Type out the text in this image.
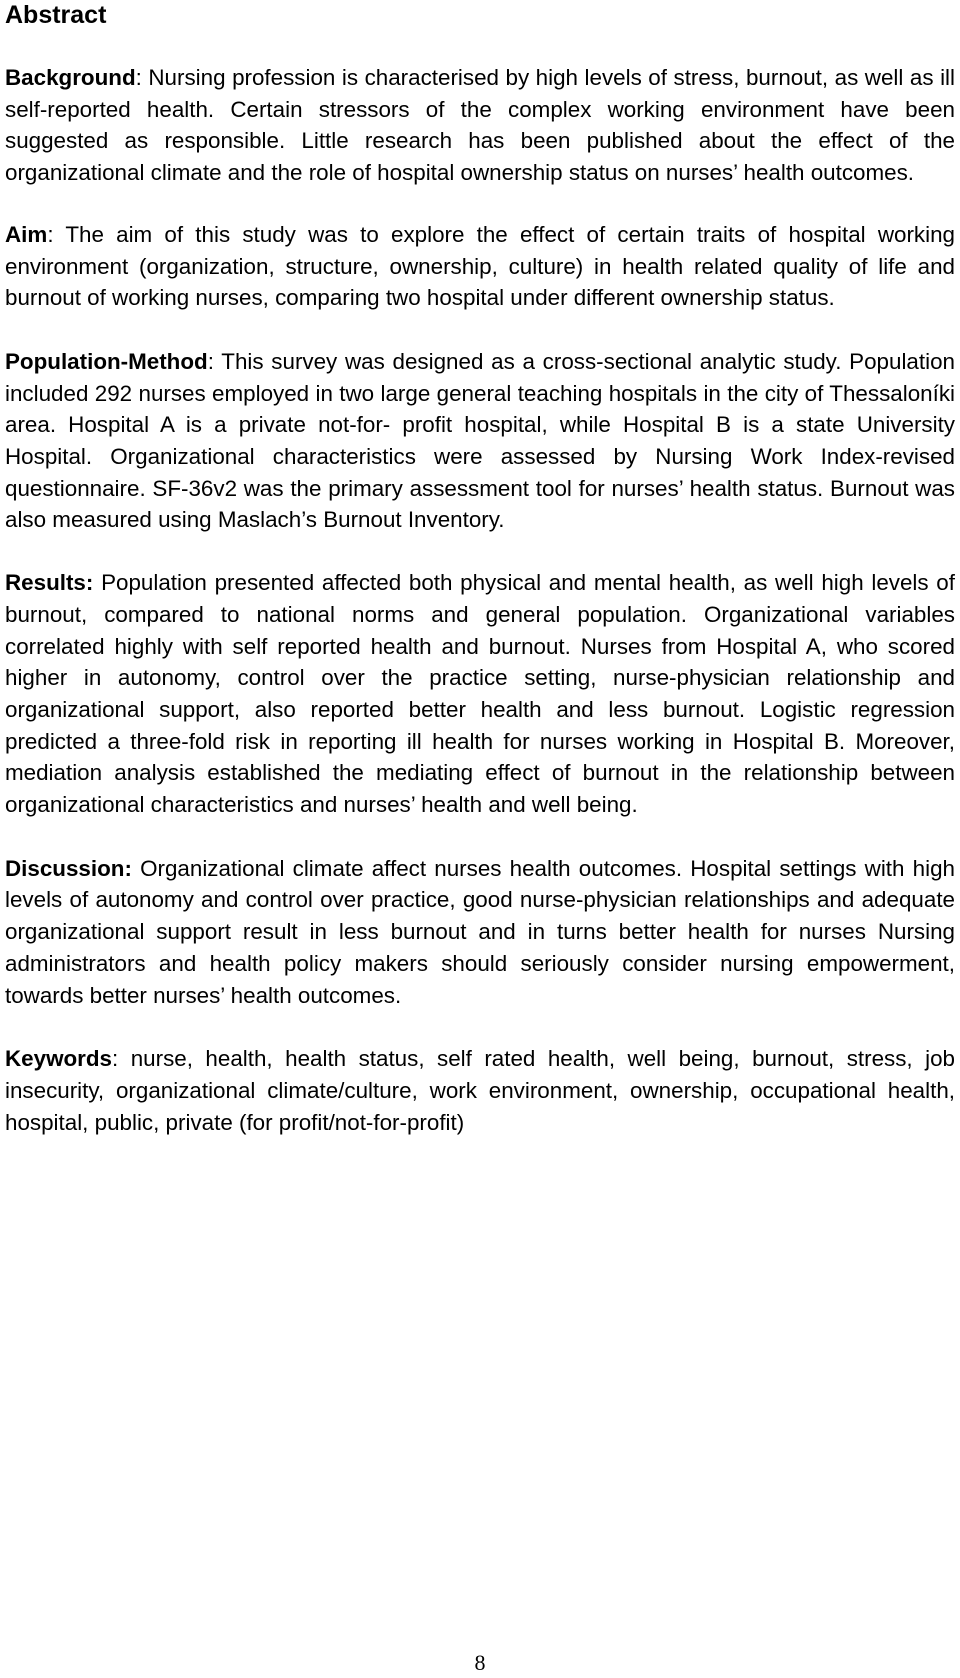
Abstract

Background: Nursing profession is characterised by high levels of stress, burnout, as well as ill self-reported health. Certain stressors of the complex working environment have been suggested as responsible. Little research has been published about the effect of the organizational climate and the role of hospital ownership status on nurses’ health outcomes.

Aim: The aim of this study was to explore the effect of certain traits of hospital working environment (organization, structure, ownership, culture) in health related quality of life and burnout of working nurses, comparing two hospital under different ownership status.

Population-Method: This survey was designed as a cross-sectional analytic study. Population included 292 nurses employed in two large general teaching hospitals in the city of Thessaloníki area. Hospital A is a private not-for- profit hospital, while Hospital B is a state University Hospital. Organizational characteristics were assessed by Nursing Work Index-revised questionnaire. SF-36v2 was the primary assessment tool for nurses’ health status. Burnout was also measured using Maslach’s Burnout Inventory.

Results: Population presented affected both physical and mental health, as well high levels of burnout, compared to national norms and general population. Organizational variables correlated highly with self reported health and burnout. Nurses from Hospital A, who scored higher in autonomy, control over the practice setting, nurse-physician relationship and organizational support, also reported better health and less burnout. Logistic regression predicted a three-fold risk in reporting ill health for nurses working in Hospital B. Moreover, mediation analysis established the mediating effect of burnout in the relationship between organizational characteristics and nurses’ health and well being.

Discussion: Organizational climate affect nurses health outcomes. Hospital settings with high levels of autonomy and control over practice, good nurse-physician relationships and adequate organizational support result in less burnout and in turns better health for nurses Nursing administrators and health policy makers should seriously consider nursing empowerment, towards better nurses’ health outcomes.

Keywords: nurse, health, health status, self rated health, well being, burnout, stress, job insecurity, organizational climate/culture, work environment, ownership, occupational health, hospital, public, private (for profit/not-for-profit)

8
